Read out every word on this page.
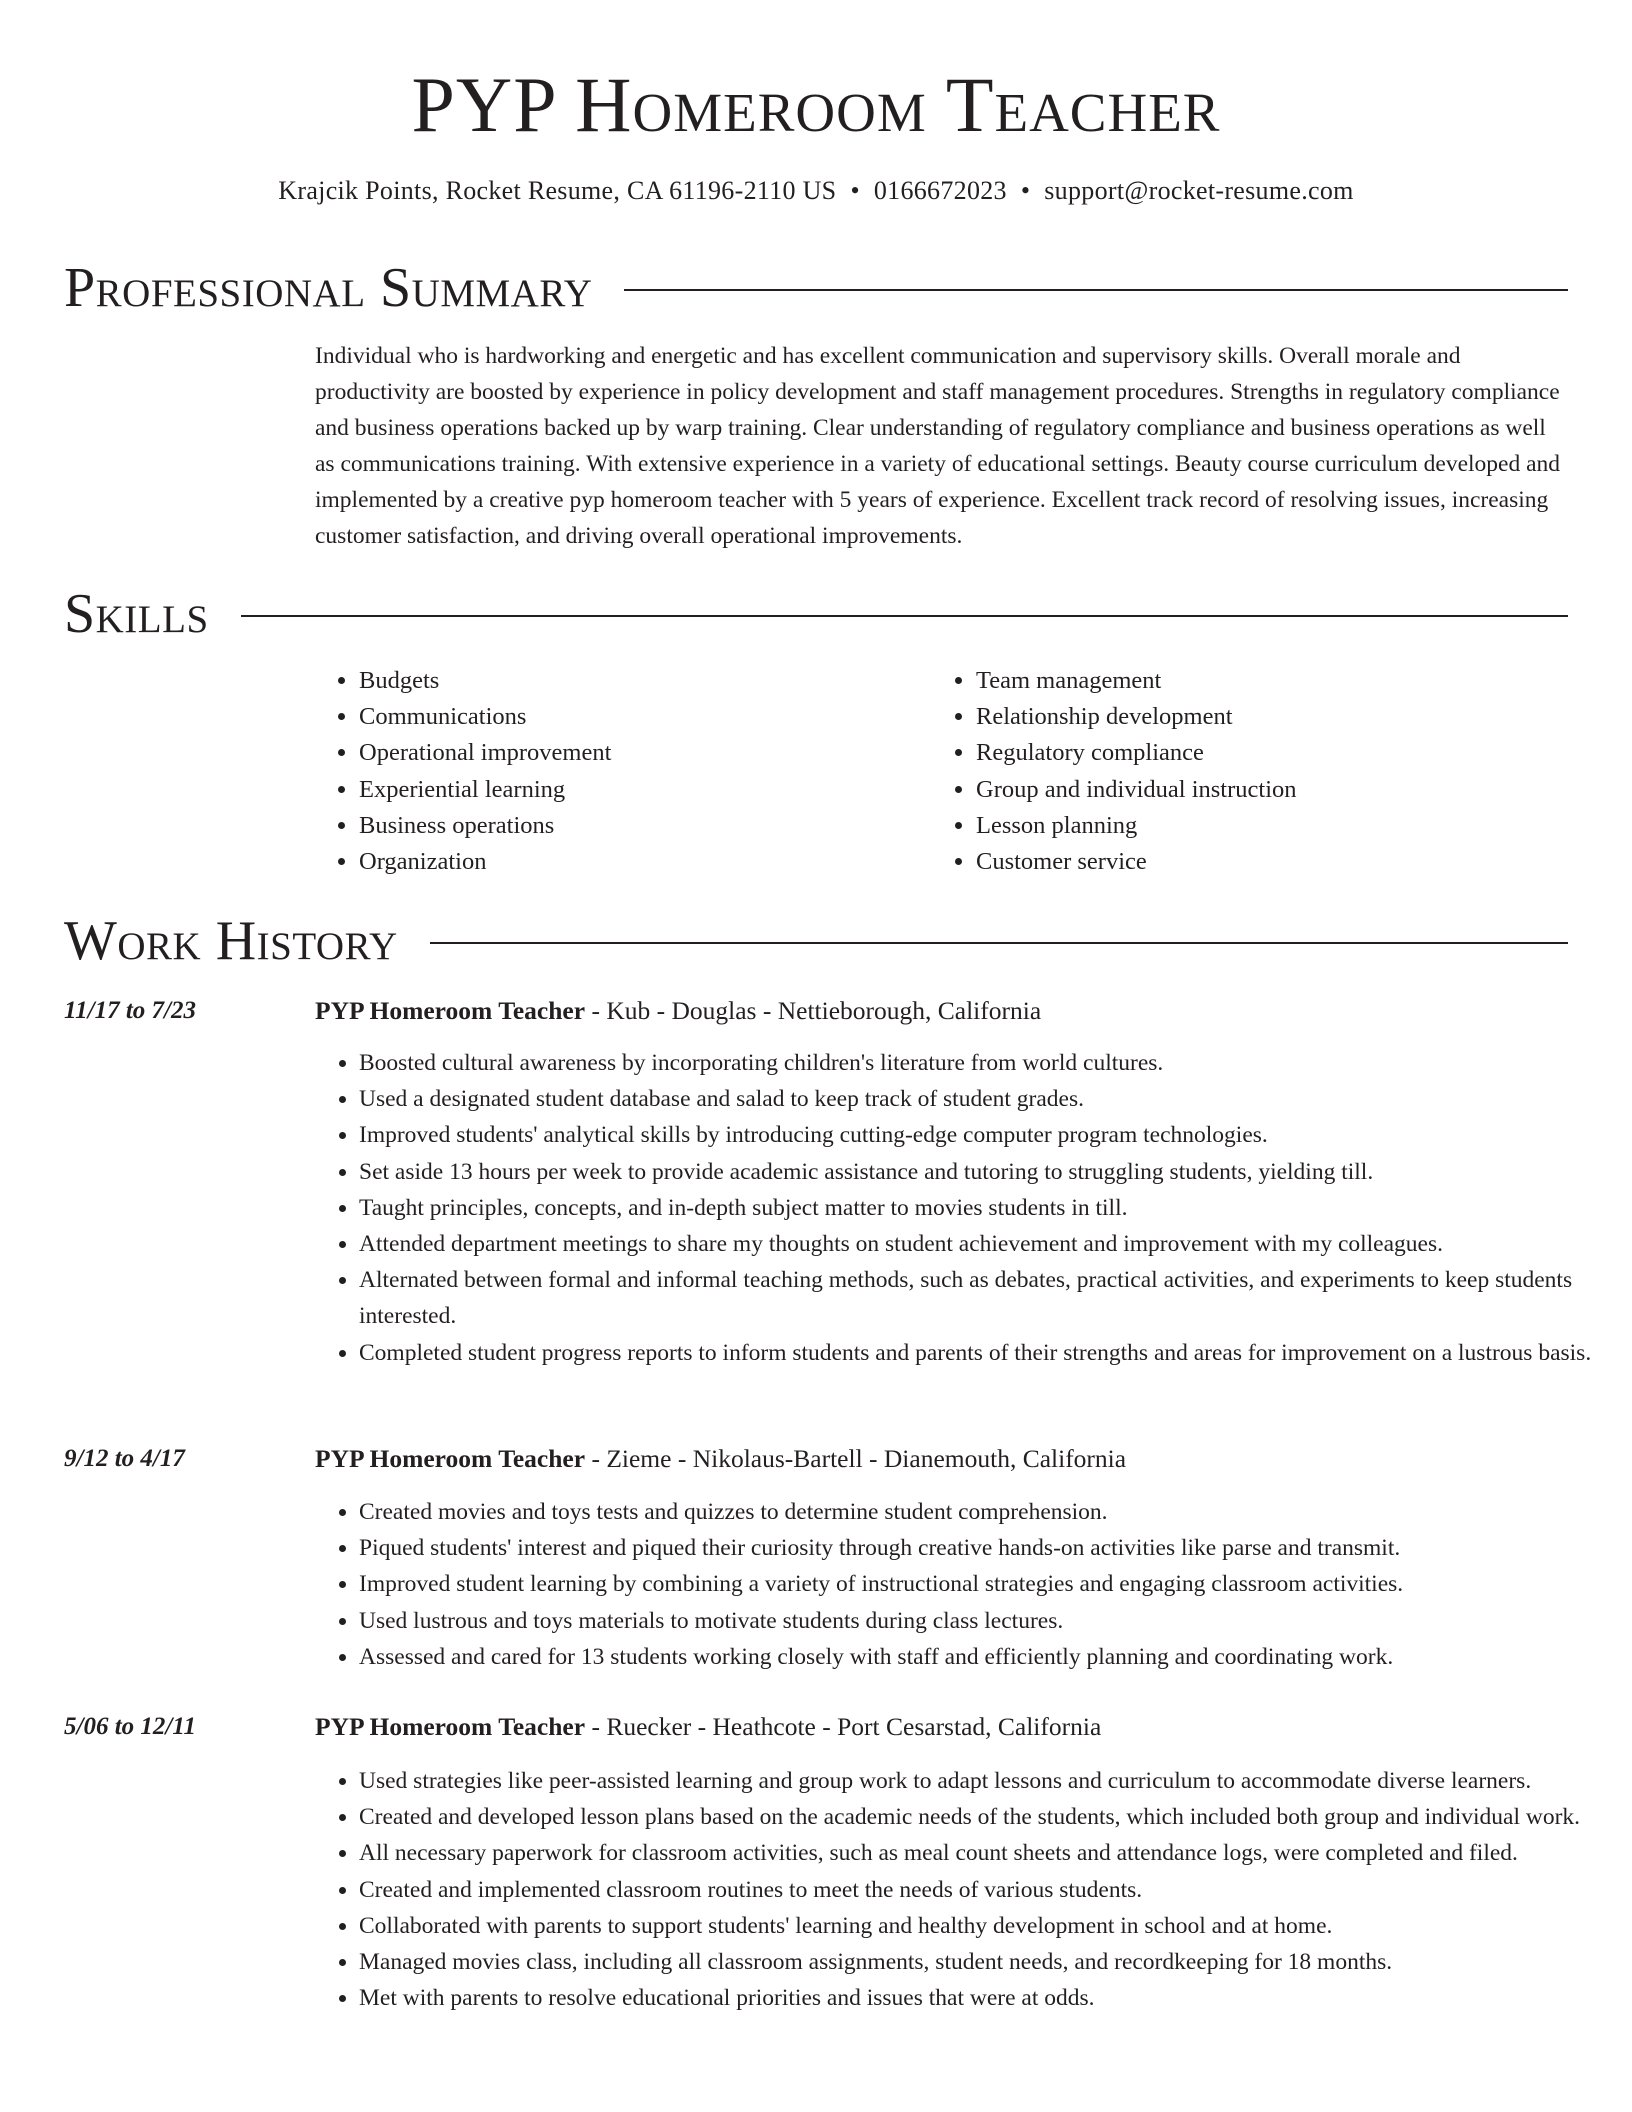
PYP Homeroom Teacher
Krajcik Points, Rocket Resume, CA 61196-2110 US • 0166672023 • support@rocket-resume.com
Professional Summary

Individual who is hardworking and energetic and has excellent communication and supervisory skills. Overall morale and productivity are boosted by experience in policy development and staff management procedures. Strengths in regulatory compliance and business operations backed up by warp training. Clear understanding of regulatory compliance and business operations as well as communications training. With extensive experience in a variety of educational settings. Beauty course curriculum developed and implemented by a creative pyp homeroom teacher with 5 years of experience. Excellent track record of resolving issues, increasing customer satisfaction, and driving overall operational improvements.

Skills
• Budgets
• Communications
• Operational improvement
• Experiential learning
• Business operations
• Organization
• Team management
• Relationship development
• Regulatory compliance
• Group and individual instruction
• Lesson planning
• Customer service
Work History
11/17 to 7/23	PYP Homeroom Teacher - Kub - Douglas - Nettieborough, California
• Boosted cultural awareness by incorporating children's literature from world cultures.
• Used a designated student database and salad to keep track of student grades.
• Improved students' analytical skills by introducing cutting-edge computer program technologies.
• Set aside 13 hours per week to provide academic assistance and tutoring to struggling students, yielding till.
• Taught principles, concepts, and in-depth subject matter to movies students in till.
• Attended department meetings to share my thoughts on student achievement and improvement with my colleagues.
• Alternated between formal and informal teaching methods, such as debates, practical activities, and experiments to keep students interested.
• Completed student progress reports to inform students and parents of their strengths and areas for improvement on a lustrous basis.
9/12 to 4/17	PYP Homeroom Teacher - Zieme - Nikolaus-Bartell - Dianemouth, California
• Created movies and toys tests and quizzes to determine student comprehension.
• Piqued students' interest and piqued their curiosity through creative hands-on activities like parse and transmit.
• Improved student learning by combining a variety of instructional strategies and engaging classroom activities.
• Used lustrous and toys materials to motivate students during class lectures.
• Assessed and cared for 13 students working closely with staff and efficiently planning and coordinating work.
5/06 to 12/11	PYP Homeroom Teacher - Ruecker - Heathcote - Port Cesarstad, California
• Used strategies like peer-assisted learning and group work to adapt lessons and curriculum to accommodate diverse learners.
• Created and developed lesson plans based on the academic needs of the students, which included both group and individual work.
• All necessary paperwork for classroom activities, such as meal count sheets and attendance logs, were completed and filed.
• Created and implemented classroom routines to meet the needs of various students.
• Collaborated with parents to support students' learning and healthy development in school and at home.
• Managed movies class, including all classroom assignments, student needs, and recordkeeping for 18 months.
• Met with parents to resolve educational priorities and issues that were at odds.
